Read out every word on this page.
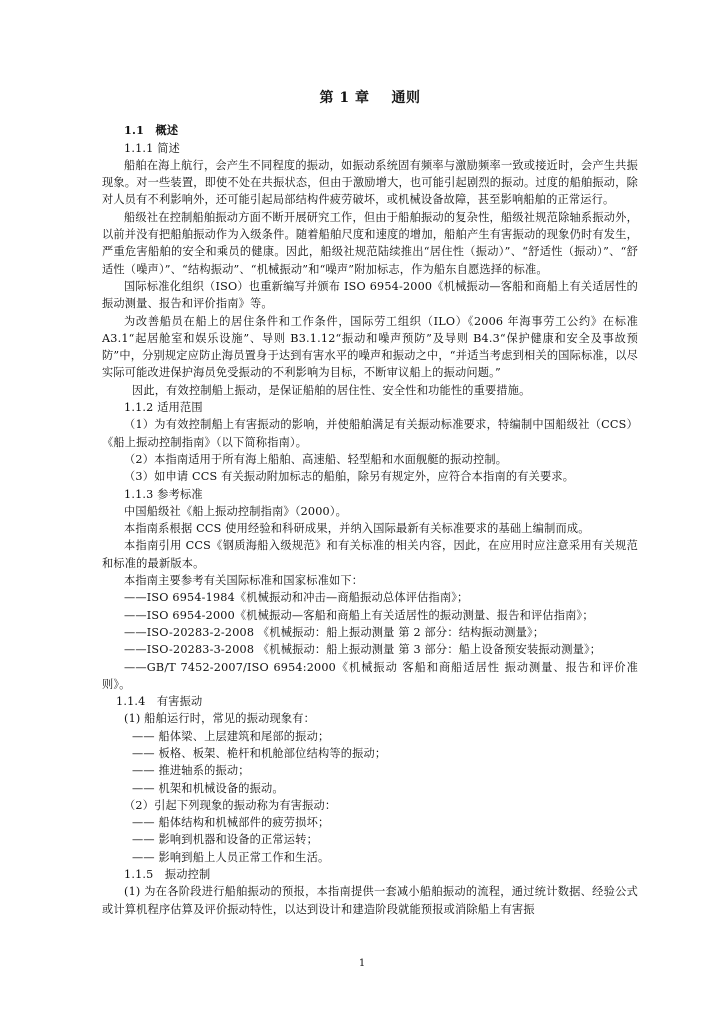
第 1 章 通则
1.1　概述
1.1.1 简述

船舶在海上航行，会产生不同程度的振动，如振动系统固有频率与激励频率一致或接近时，会产生共振现象。对一些装置，即使不处在共振状态，但由于激励增大，也可能引起剧烈的振动。过度的船舶振动，除对人员有不利影响外，还可能引起局部结构件疲劳破坏，或机械设备故障，甚至影响船舶的正常运行。

船级社在控制船舶振动方面不断开展研究工作，但由于船舶振动的复杂性，船级社规范除轴系振动外，以前并没有把船舶振动作为入级条件。随着船舶尺度和速度的增加，船舶产生有害振动的现象仍时有发生，严重危害船舶的安全和乘员的健康。因此，船级社规范陆续推出“居住性（振动）”、“舒适性（振动）”、“舒适性（噪声）”、“结构振动”、“机械振动”和“噪声”附加标志，作为船东自愿选择的标准。

国际标准化组织（ISO）也重新编写并颁布 ISO 6954-2000《机械振动—客船和商船上有关适居性的振动测量、报告和评价指南》等。

为改善船员在船上的居住条件和工作条件，国际劳工组织（ILO）《2006 年海事劳工公约》在标准 A3.1“起居舱室和娱乐设施”、导则 B3.1.12“振动和噪声预防”及导则 B4.3“保护健康和安全及事故预防”中，分别规定应防止海员置身于达到有害水平的噪声和振动之中，“并适当考虑到相关的国际标准，以尽实际可能改进保护海员免受振动的不利影响为目标，不断审议船上的振动问题。”

因此，有效控制船上振动，是保证船舶的居住性、安全性和功能性的重要措施。

1.1.2 适用范围

（1）为有效控制船上有害振动的影响，并使船舶满足有关振动标准要求，特编制中国船级社（CCS）《船上振动控制指南》（以下简称指南）。

（2）本指南适用于所有海上船舶、高速船、轻型船和水面舰艇的振动控制。

（3）如申请 CCS 有关振动附加标志的船舶，除另有规定外，应符合本指南的有关要求。

1.1.3 参考标准

中国船级社《船上振动控制指南》（2000）。

本指南系根据 CCS 使用经验和科研成果，并纳入国际最新有关标准要求的基础上编制而成。

本指南引用 CCS《钢质海船入级规范》和有关标准的相关内容，因此，在应用时应注意采用有关规范和标准的最新版本。

本指南主要参考有关国际标准和国家标准如下：

——ISO 6954-1984《机械振动和冲击—商船振动总体评估指南》；
——ISO 6954-2000《机械振动—客船和商船上有关适居性的振动测量、报告和评估指南》；
——ISO-20283-2-2008 《机械振动：船上振动测量 第 2 部分：结构振动测量》；
——ISO-20283-3-2008 《机械振动：船上振动测量 第 3 部分：船上设备预安装振动测量》；

——GB/T 7452-2007/ISO 6954:2000《机械振动 客船和商船适居性 振动测量、报告和评价准则》。

1.1.4　有害振动
(1) 船舶运行时，常见的振动现象有：
—— 船体梁、上层建筑和尾部的振动；
—— 板格、板架、桅杆和机舱部位结构等的振动；
—— 推进轴系的振动；
—— 机架和机械设备的振动。
（2）引起下列现象的振动称为有害振动：
—— 船体结构和机械部件的疲劳损坏；
—— 影响到机器和设备的正常运转；
—— 影响到船上人员正常工作和生活。
1.1.5　振动控制

(1) 为在各阶段进行船舶振动的预报，本指南提供一套减小船舶振动的流程，通过统计数据、经验公式或计算机程序估算及评价振动特性，以达到设计和建造阶段就能预报或消除船上有害振

1
